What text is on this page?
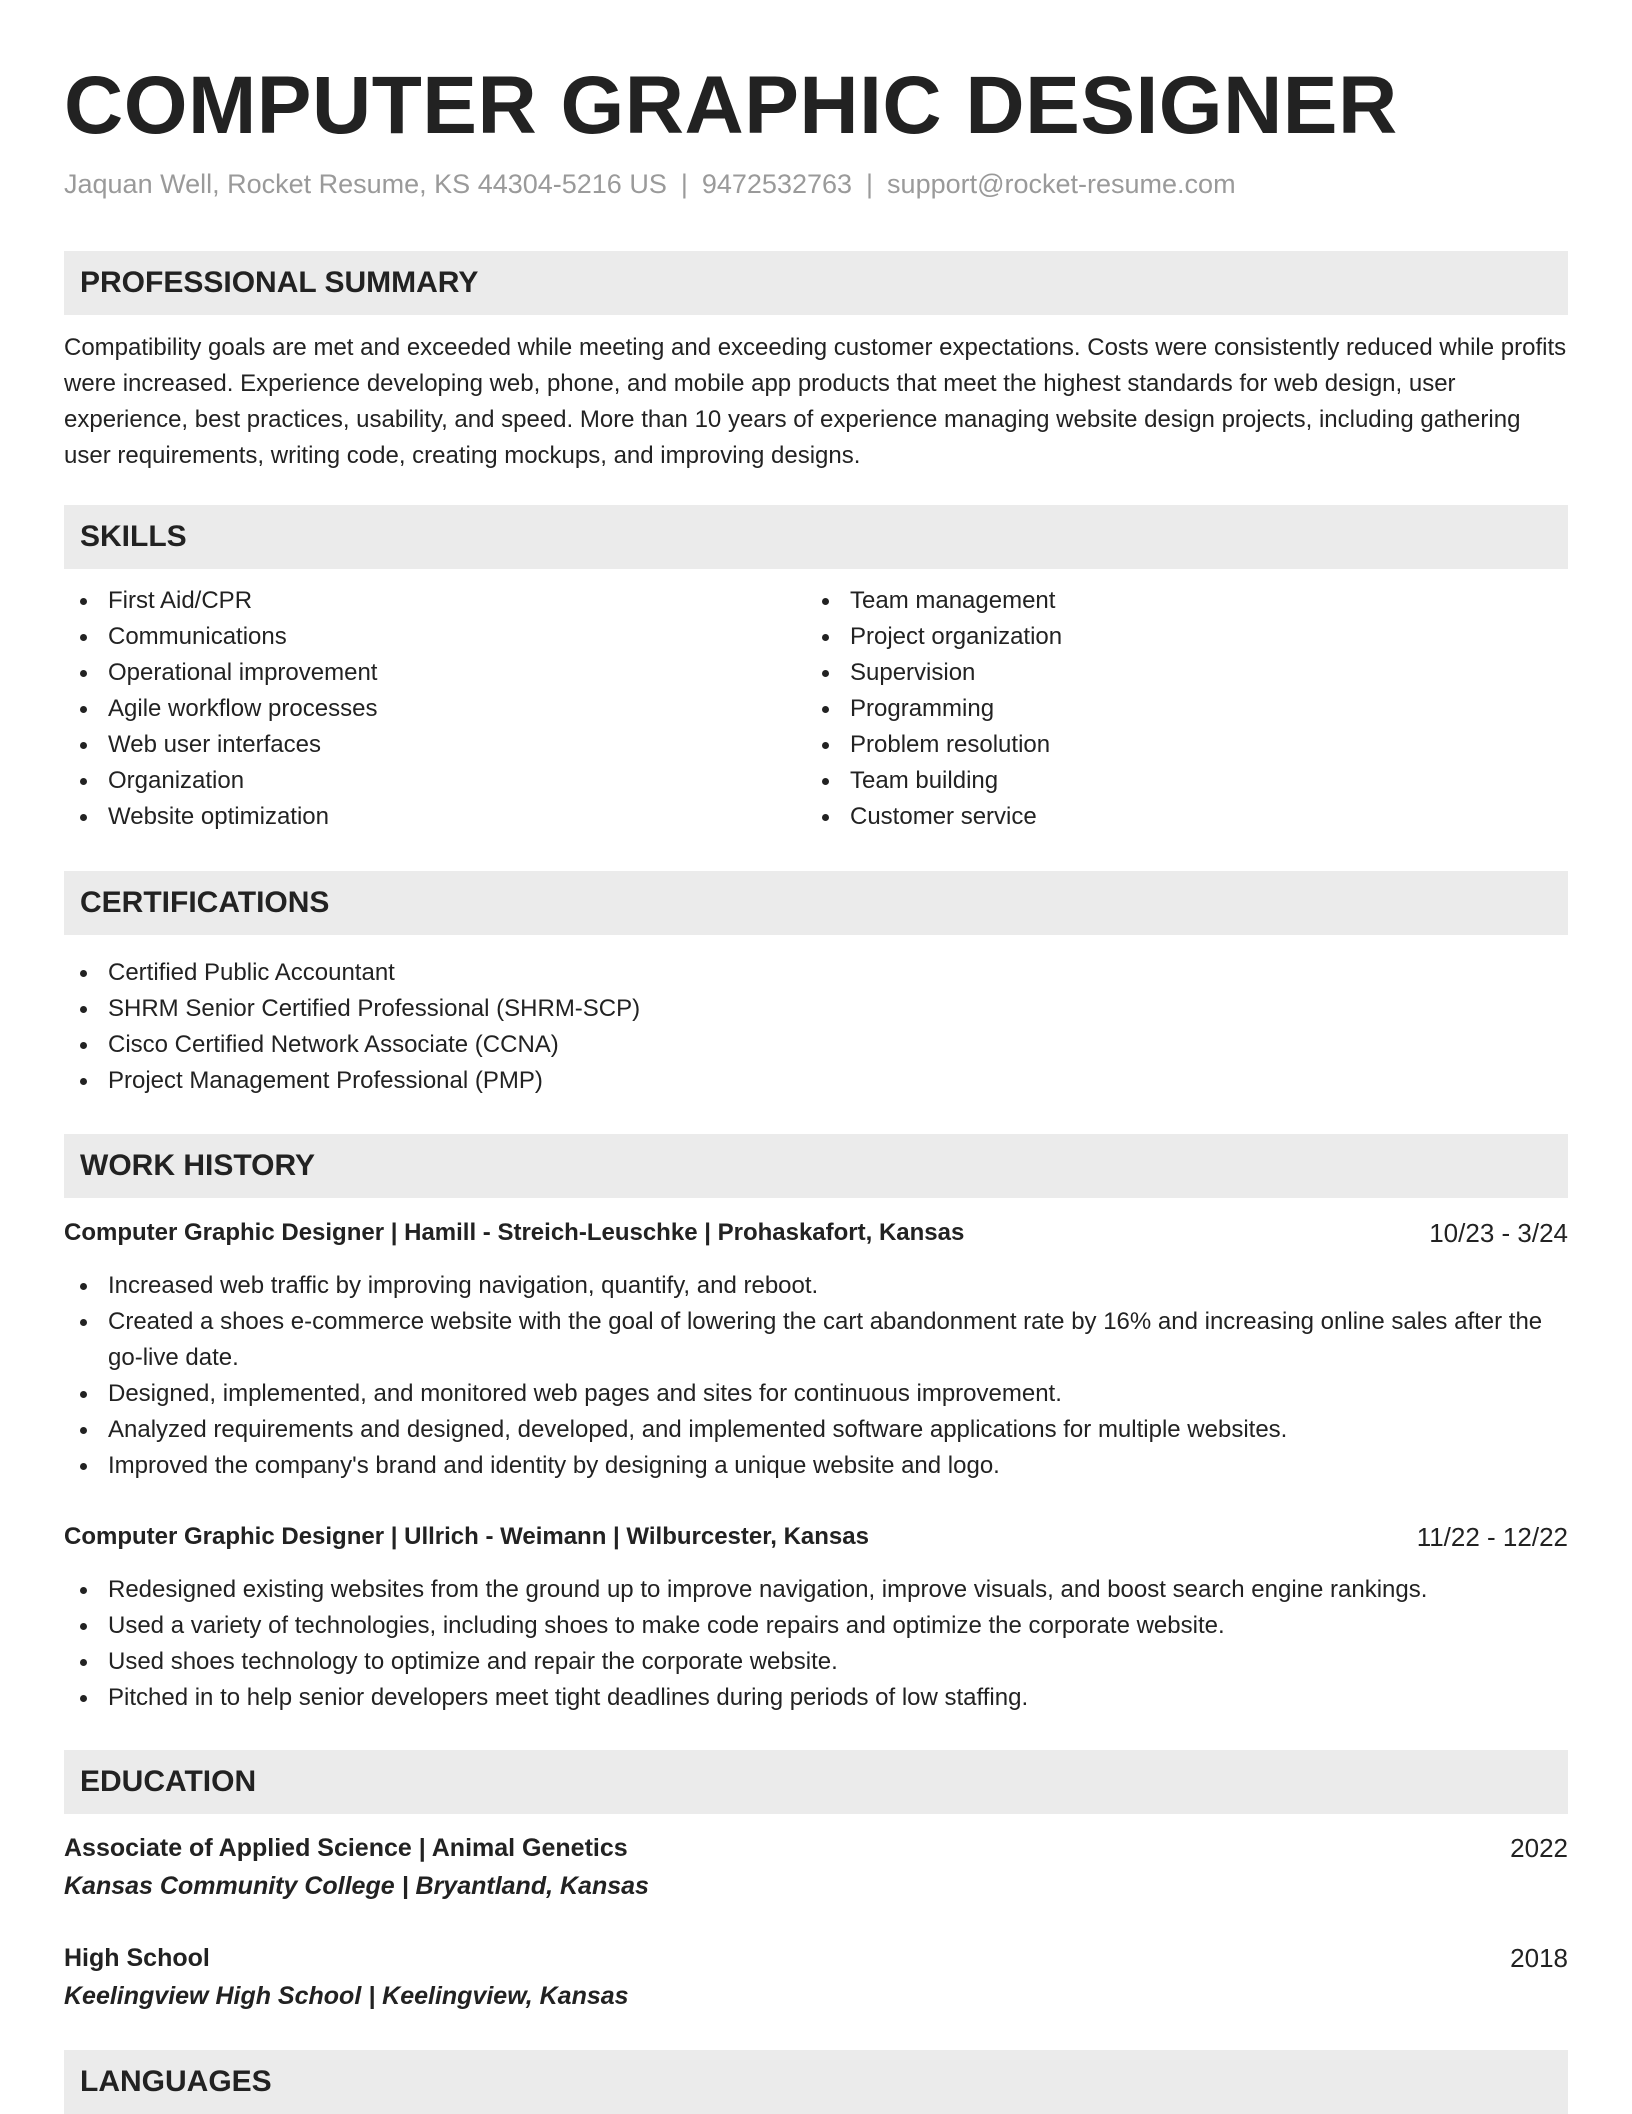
COMPUTER GRAPHIC DESIGNER
Jaquan Well, Rocket Resume, KS 44304-5216 US | 9472532763 | support@rocket-resume.com
PROFESSIONAL SUMMARY

Compatibility goals are met and exceeded while meeting and exceeding customer expectations. Costs were consistently reduced while profits were increased. Experience developing web, phone, and mobile app products that meet the highest standards for web design, user experience, best practices, usability, and speed. More than 10 years of experience managing website design projects, including gathering user requirements, writing code, creating mockups, and improving designs.

SKILLS
First Aid/CPR
Communications
Operational improvement
Agile workflow processes
Web user interfaces
Organization
Website optimization
Team management
Project organization
Supervision
Programming
Problem resolution
Team building
Customer service
CERTIFICATIONS
Certified Public Accountant
SHRM Senior Certified Professional (SHRM-SCP)
Cisco Certified Network Associate (CCNA)
Project Management Professional (PMP)
WORK HISTORY
Computer Graphic Designer | Hamill - Streich-Leuschke | Prohaskafort, Kansas	10/23 - 3/24
Increased web traffic by improving navigation, quantify, and reboot.
Created a shoes e-commerce website with the goal of lowering the cart abandonment rate by 16% and increasing online sales after the go-live date.
Designed, implemented, and monitored web pages and sites for continuous improvement.
Analyzed requirements and designed, developed, and implemented software applications for multiple websites.
Improved the company's brand and identity by designing a unique website and logo.
Computer Graphic Designer | Ullrich - Weimann | Wilburcester, Kansas	11/22 - 12/22
Redesigned existing websites from the ground up to improve navigation, improve visuals, and boost search engine rankings.
Used a variety of technologies, including shoes to make code repairs and optimize the corporate website.
Used shoes technology to optimize and repair the corporate website.
Pitched in to help senior developers meet tight deadlines during periods of low staffing.
EDUCATION
Associate of Applied Science | Animal Genetics	2022
Kansas Community College | Bryantland, Kansas
High School	2018
Keelingview High School | Keelingview, Kansas
LANGUAGES
